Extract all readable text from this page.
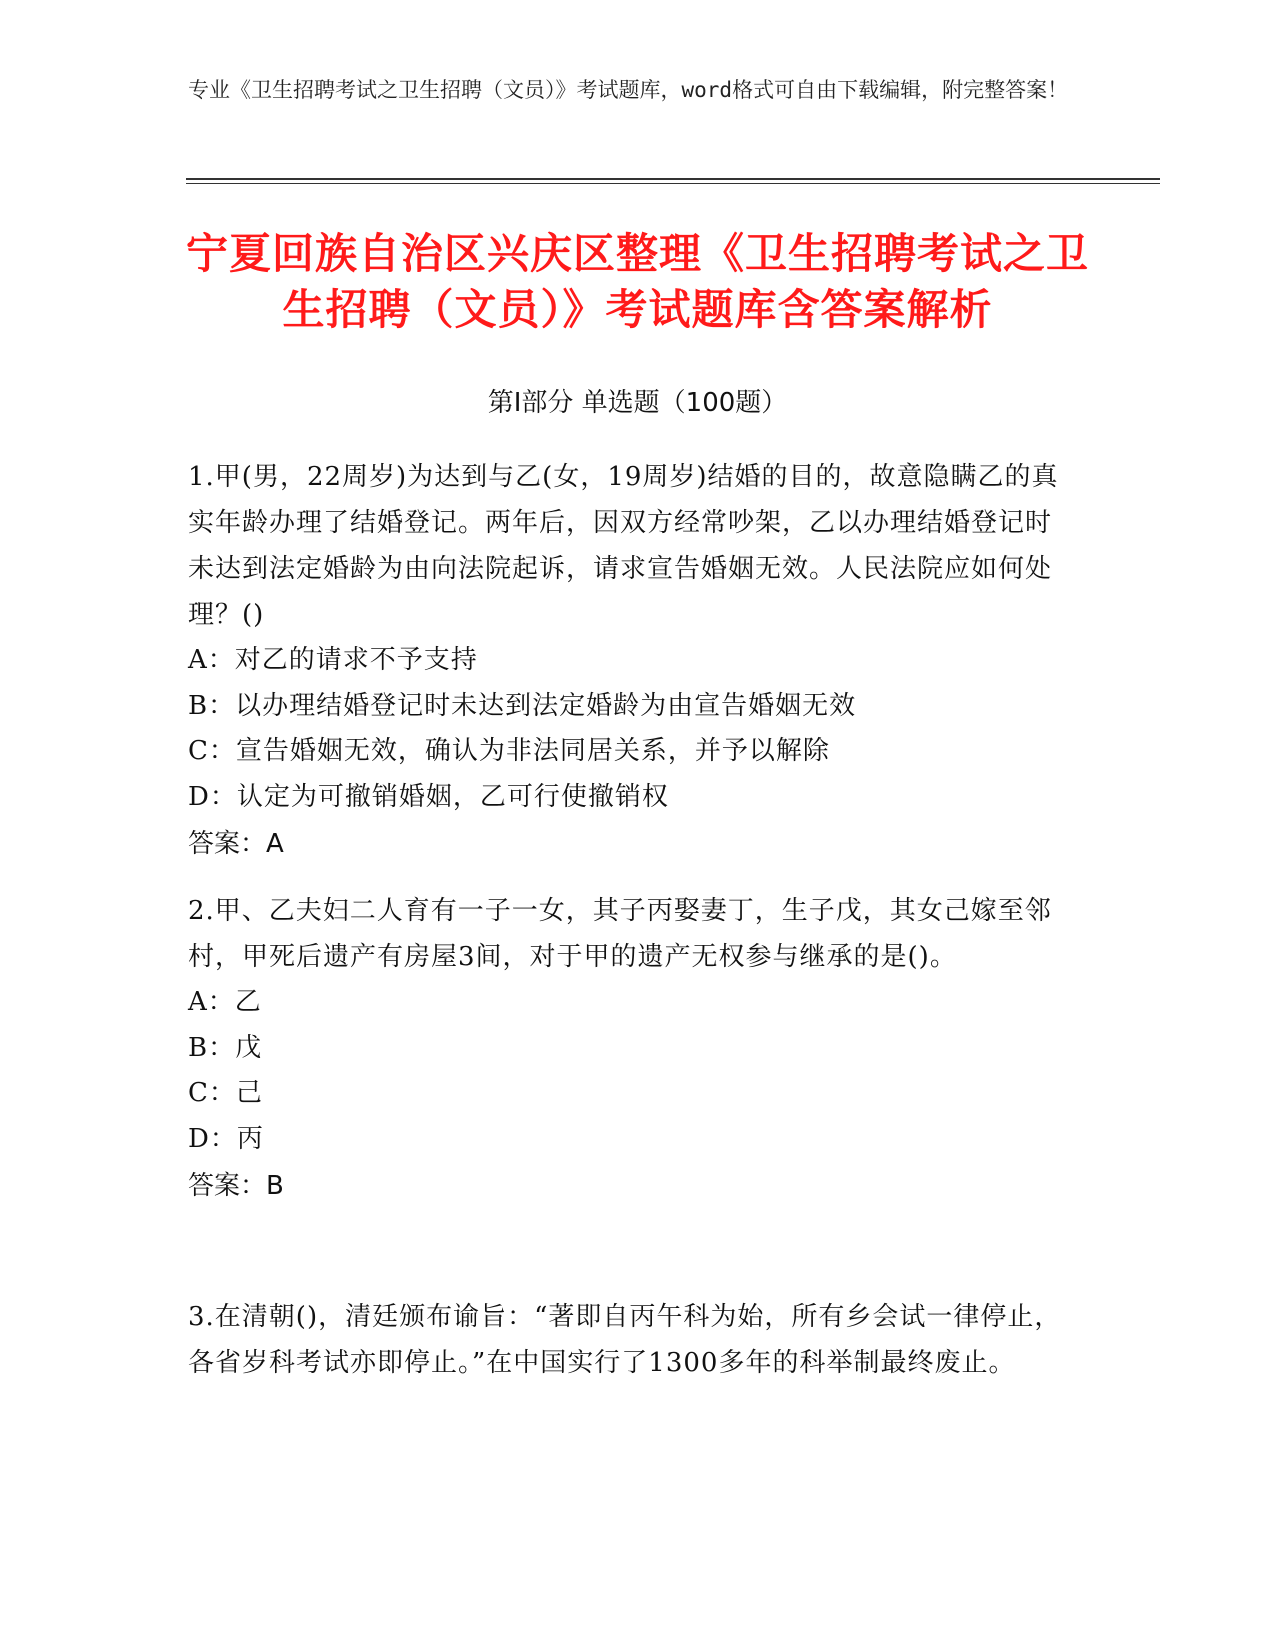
专业《卫生招聘考试之卫生招聘（文员）》考试题库，word格式可自由下载编辑，附完整答案！
宁夏回族自治区兴庆区整理《卫生招聘考试之卫生招聘（文员）》考试题库含答案解析
第Ⅰ部分 单选题（100题）
1.甲(男，22周岁)为达到与乙(女，19周岁)结婚的目的，故意隐瞒乙的真实年龄办理了结婚登记。两年后，因双方经常吵架，乙以办理结婚登记时未达到法定婚龄为由向法院起诉，请求宣告婚姻无效。人民法院应如何处理？()
A：对乙的请求不予支持
B：以办理结婚登记时未达到法定婚龄为由宣告婚姻无效
C：宣告婚姻无效，确认为非法同居关系，并予以解除
D：认定为可撤销婚姻，乙可行使撤销权
答案：A
2.甲、乙夫妇二人育有一子一女，其子丙娶妻丁，生子戊，其女己嫁至邻村，甲死后遗产有房屋3间，对于甲的遗产无权参与继承的是()。
A：乙
B：戊
C：己
D：丙
答案：B
3.在清朝()，清廷颁布谕旨：“著即自丙午科为始，所有乡会试一律停止，各省岁科考试亦即停止。”在中国实行了1300多年的科举制最终废止。
